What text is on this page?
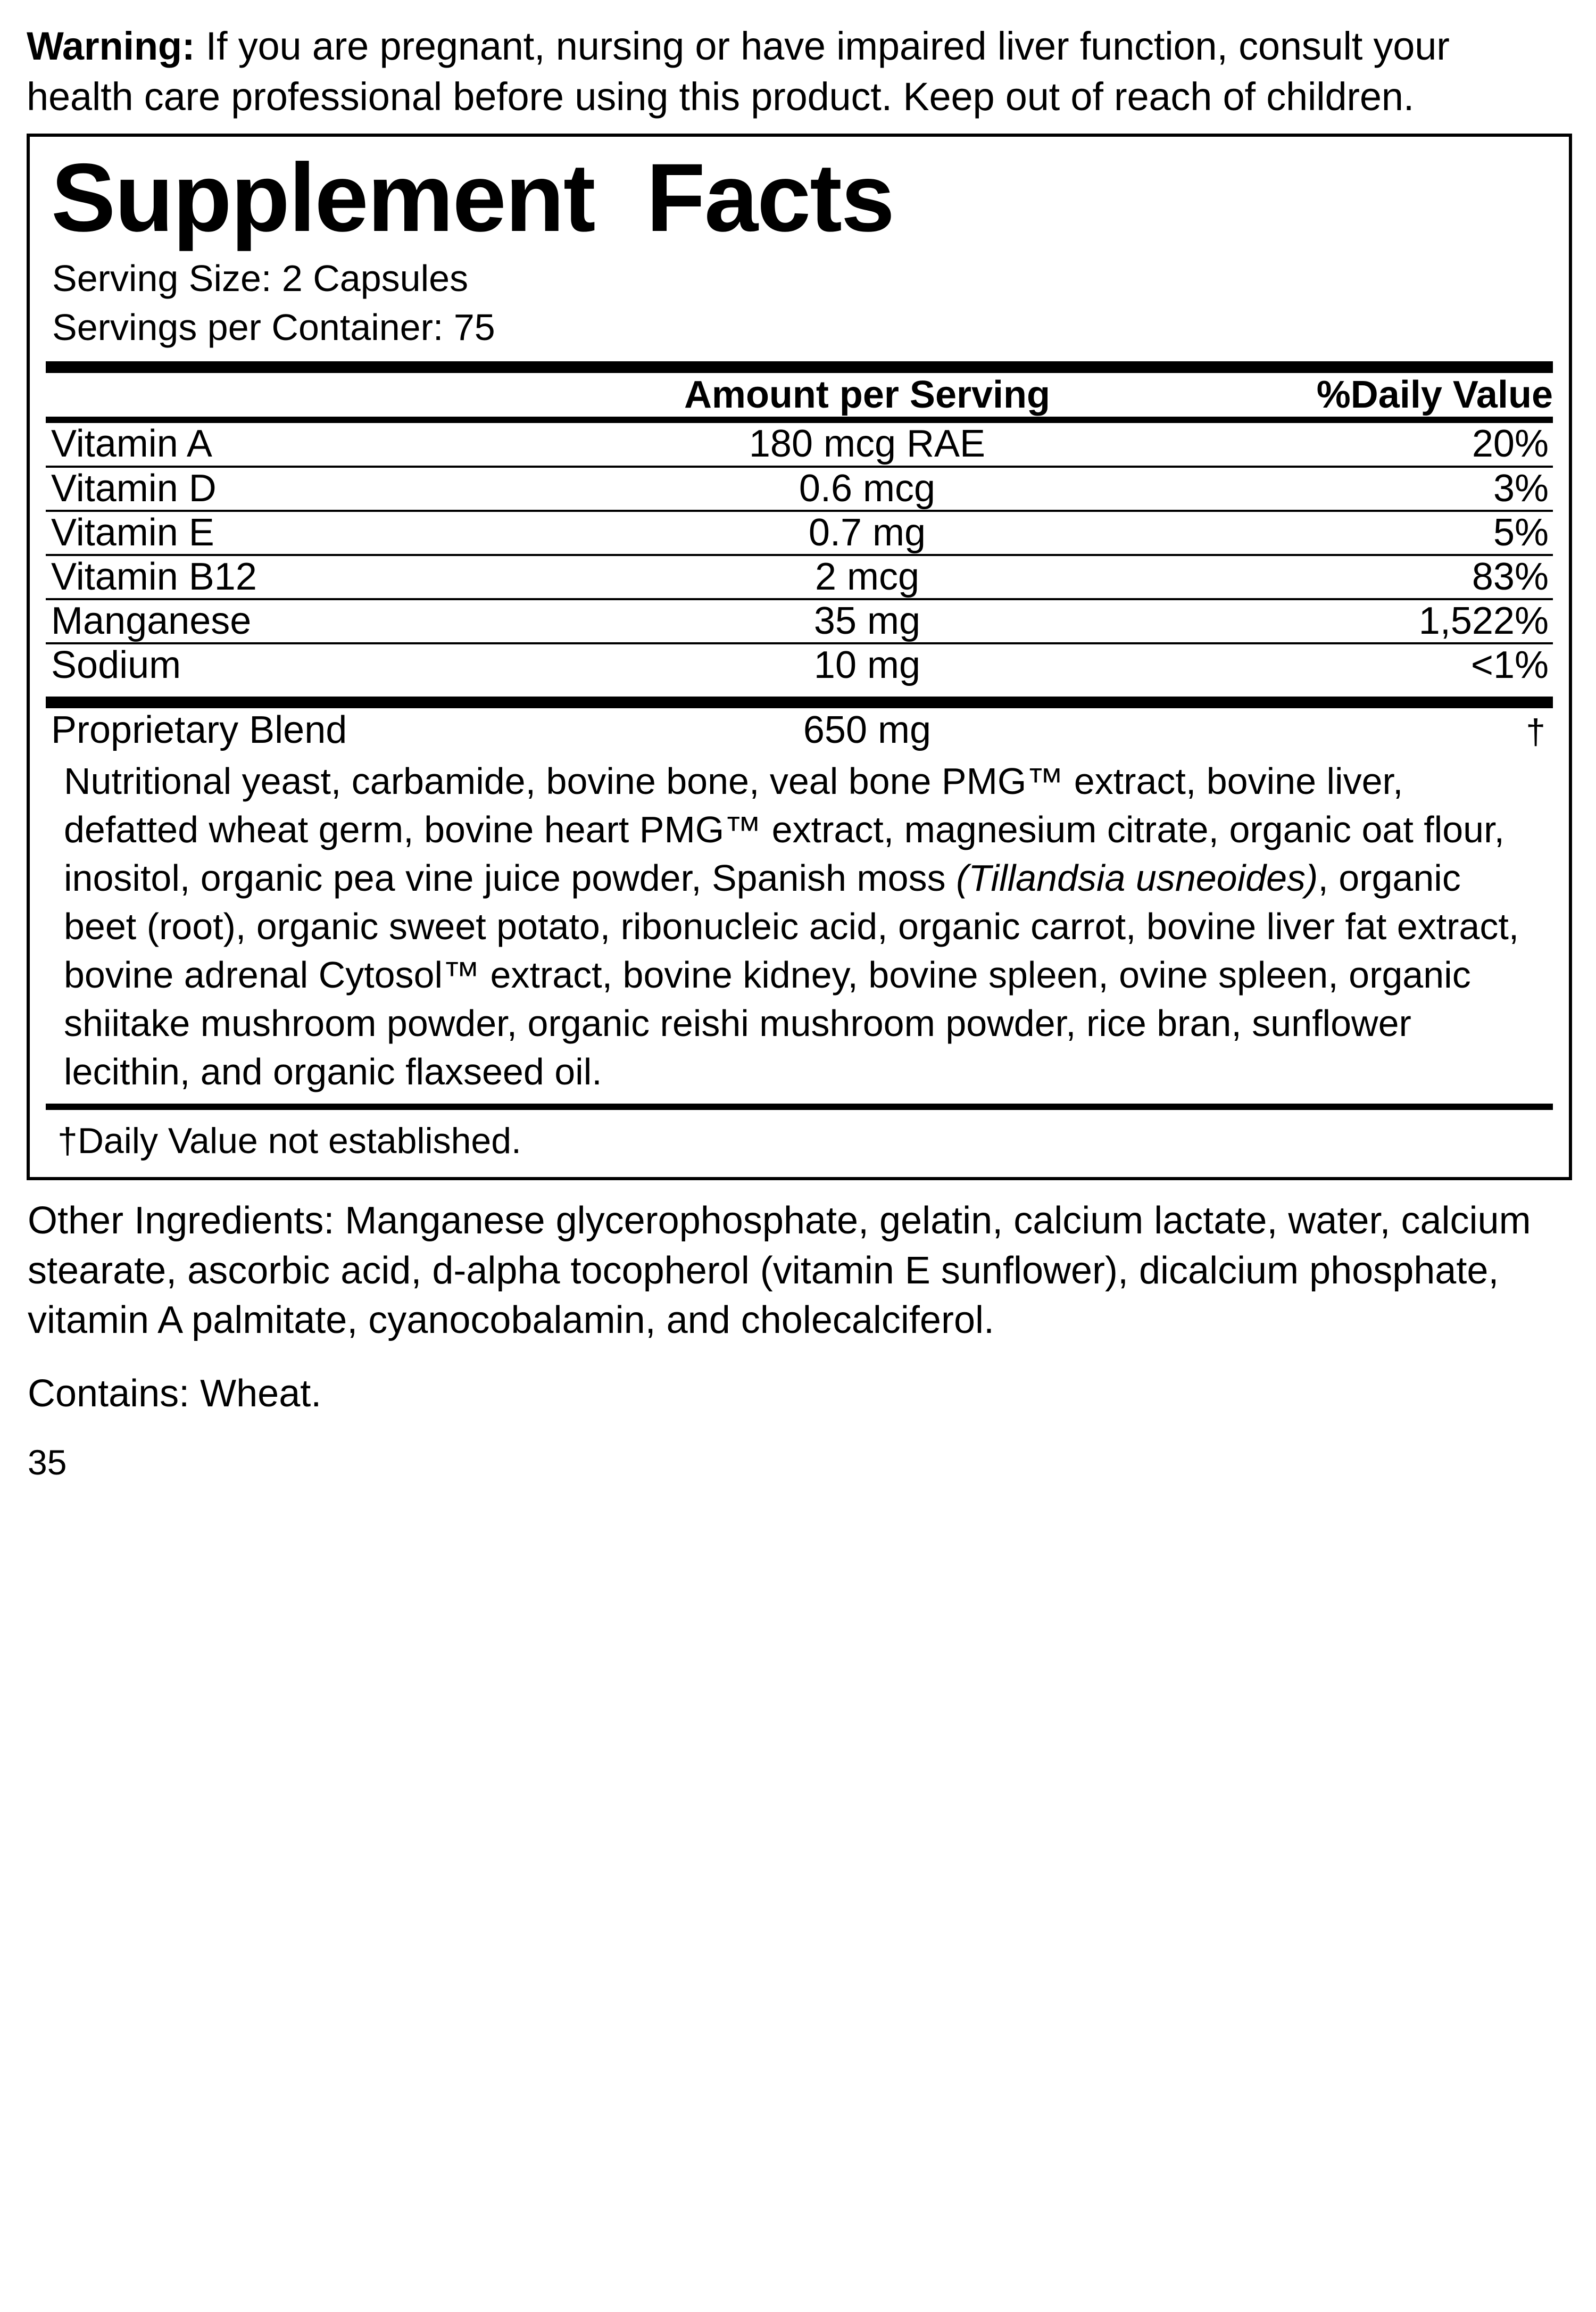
Warning: If you are pregnant, nursing or have impaired liver function, consult your health care professional before using this product. Keep out of reach of children.

Supplement  Facts
Serving Size: 2 Capsules
Servings per Container: 75
	Amount per Serving	%Daily Value
Vitamin A	180 mcg RAE	20%

Vitamin D	0.6 mcg	3%

Vitamin E	0.7 mg	5%

Vitamin B12	2 mcg	83%

Manganese	35 mg	1,522%

Sodium	10 mg	<1%
Proprietary Blend	650 mg	†
Nutritional yeast, carbamide, bovine bone, veal bone PMG™ extract, bovine liver, defatted wheat germ, bovine heart PMG™ extract, magnesium citrate, organic oat flour, inositol, organic pea vine juice powder, Spanish moss (Tillandsia usneoides), organic beet (root), organic sweet potato, ribonucleic acid, organic carrot, bovine liver fat extract, bovine adrenal Cytosol™ extract, bovine kidney, bovine spleen, ovine spleen, organic shiitake mushroom powder, organic reishi mushroom powder, rice bran, sunflower lecithin, and organic flaxseed oil.
†Daily Value not established.

Other Ingredients: Manganese glycerophosphate, gelatin, calcium lactate, water, calcium stearate, ascorbic acid, d-alpha tocopherol (vitamin E sunflower), dicalcium phosphate, vitamin A palmitate, cyanocobalamin, and cholecalciferol.

Contains: Wheat.

35
